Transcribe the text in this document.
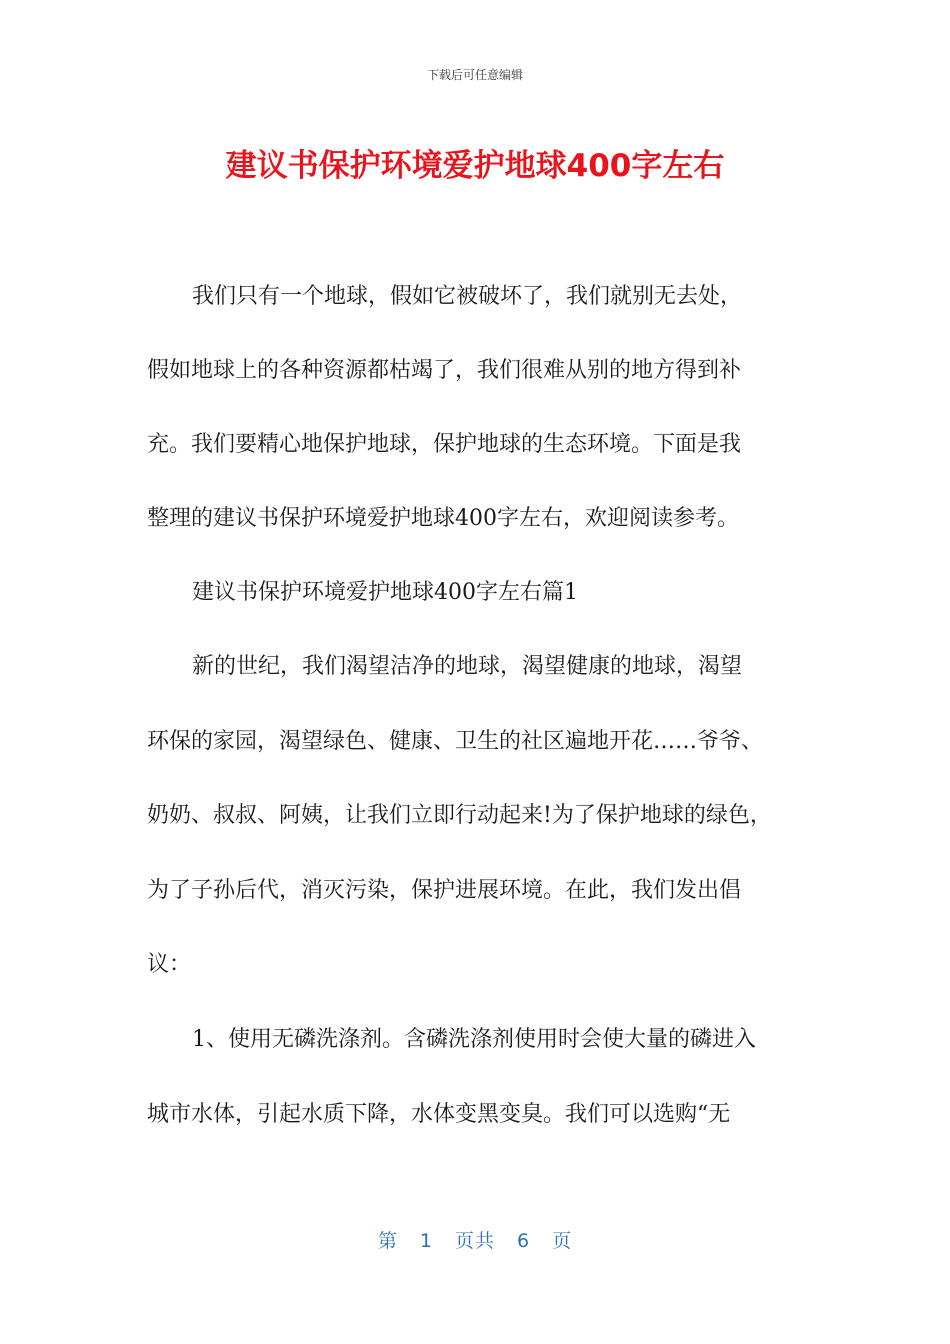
下载后可任意编辑
建议书保护环境爱护地球400字左右
我们只有一个地球，假如它被破坏了，我们就别无去处，
假如地球上的各种资源都枯竭了，我们很难从别的地方得到补
充。我们要精心地保护地球，保护地球的生态环境。下面是我
整理的建议书保护环境爱护地球400字左右，欢迎阅读参考。
建议书保护环境爱护地球400字左右篇1
新的世纪，我们渴望洁净的地球，渴望健康的地球，渴望
环保的家园，渴望绿色、健康、卫生的社区遍地开花……爷爷、
奶奶、叔叔、阿姨，让我们立即行动起来!为了保护地球的绿色，
为了子孙后代，消灭污染，保护进展环境。在此，我们发出倡
议：
1、使用无磷洗涤剂。含磷洗涤剂使用时会使大量的磷进入
城市水体，引起水质下降，水体变黑变臭。我们可以选购“无
第 1 页共 6 页
